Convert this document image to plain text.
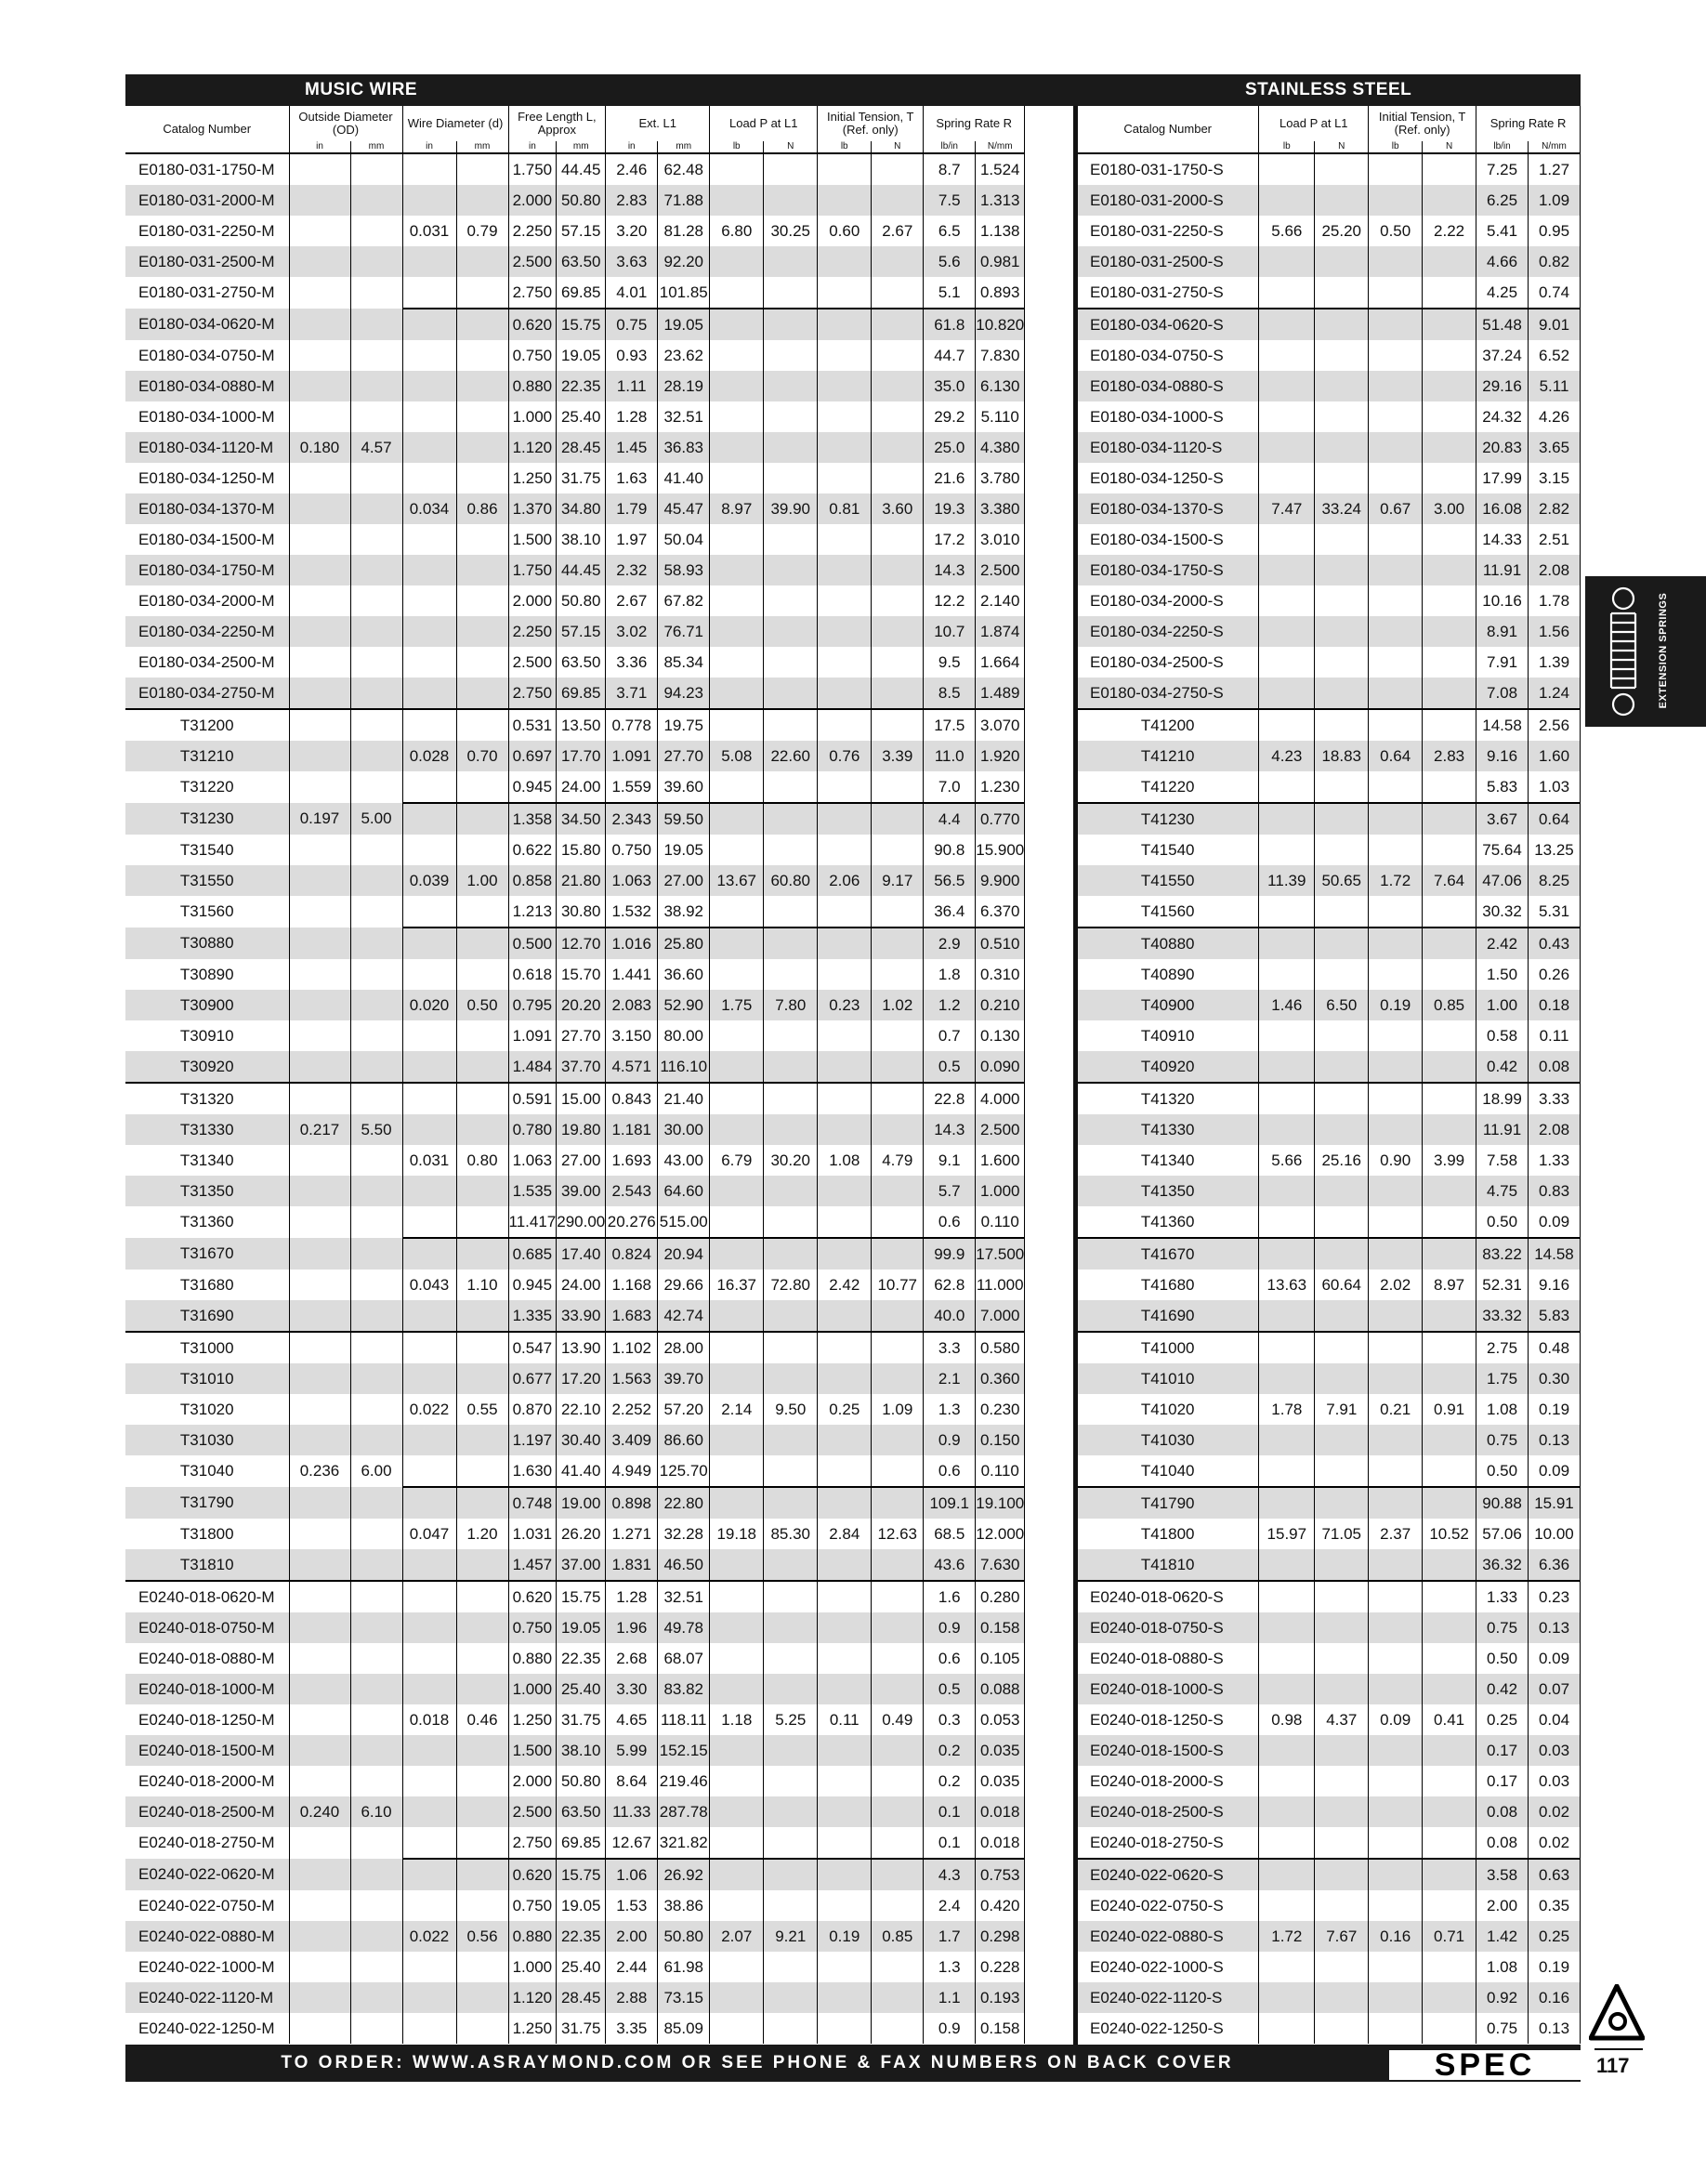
MUSIC WIRE	STAINLESS STEEL
Catalog Number	Outside Diameter (OD)		Wire Diameter (d)		Free Length L, Approx		Ext. L1		Load P at L1		Initial Tension, T (Ref. only)		Spring Rate R	
	in	mm	in	mm	in	mm	in	mm	lb	N	lb	N	lb/in	N/mm
E0180-031-1750-M					1.750	44.45	2.46	62.48					8.7	1.524
E0180-031-2000-M					2.000	50.80	2.83	71.88					7.5	1.313
E0180-031-2250-M			0.031	0.79	2.250	57.15	3.20	81.28	6.80	30.25	0.60	2.67	6.5	1.138
E0180-031-2500-M					2.500	63.50	3.63	92.20					5.6	0.981
E0180-031-2750-M					2.750	69.85	4.01	101.85					5.1	0.893
E0180-034-0620-M					0.620	15.75	0.75	19.05					61.8	10.820
E0180-034-0750-M					0.750	19.05	0.93	23.62					44.7	7.830
E0180-034-0880-M					0.880	22.35	1.11	28.19					35.0	6.130
E0180-034-1000-M					1.000	25.40	1.28	32.51					29.2	5.110
E0180-034-1120-M	0.180	4.57			1.120	28.45	1.45	36.83					25.0	4.380
E0180-034-1250-M					1.250	31.75	1.63	41.40					21.6	3.780
E0180-034-1370-M			0.034	0.86	1.370	34.80	1.79	45.47	8.97	39.90	0.81	3.60	19.3	3.380
E0180-034-1500-M					1.500	38.10	1.97	50.04					17.2	3.010
E0180-034-1750-M					1.750	44.45	2.32	58.93					14.3	2.500
E0180-034-2000-M					2.000	50.80	2.67	67.82					12.2	2.140
E0180-034-2250-M					2.250	57.15	3.02	76.71					10.7	1.874
E0180-034-2500-M					2.500	63.50	3.36	85.34					9.5	1.664
E0180-034-2750-M					2.750	69.85	3.71	94.23					8.5	1.489
T31200					0.531	13.50	0.778	19.75					17.5	3.070
T31210			0.028	0.70	0.697	17.70	1.091	27.70	5.08	22.60	0.76	3.39	11.0	1.920
T31220					0.945	24.00	1.559	39.60					7.0	1.230
T31230	0.197	5.00			1.358	34.50	2.343	59.50					4.4	0.770
T31540					0.622	15.80	0.750	19.05					90.8	15.900
T31550			0.039	1.00	0.858	21.80	1.063	27.00	13.67	60.80	2.06	9.17	56.5	9.900
T31560					1.213	30.80	1.532	38.92					36.4	6.370
T30880					0.500	12.70	1.016	25.80					2.9	0.510
T30890					0.618	15.70	1.441	36.60					1.8	0.310
T30900			0.020	0.50	0.795	20.20	2.083	52.90	1.75	7.80	0.23	1.02	1.2	0.210
T30910					1.091	27.70	3.150	80.00					0.7	0.130
T30920					1.484	37.70	4.571	116.10					0.5	0.090
T31320					0.591	15.00	0.843	21.40					22.8	4.000
T31330	0.217	5.50			0.780	19.80	1.181	30.00					14.3	2.500
T31340			0.031	0.80	1.063	27.00	1.693	43.00	6.79	30.20	1.08	4.79	9.1	1.600
T31350					1.535	39.00	2.543	64.60					5.7	1.000
T31360					11.417	290.00	20.276	515.00					0.6	0.110
T31670					0.685	17.40	0.824	20.94					99.9	17.500
T31680			0.043	1.10	0.945	24.00	1.168	29.66	16.37	72.80	2.42	10.77	62.8	11.000
T31690					1.335	33.90	1.683	42.74					40.0	7.000
T31000					0.547	13.90	1.102	28.00					3.3	0.580
T31010					0.677	17.20	1.563	39.70					2.1	0.360
T31020			0.022	0.55	0.870	22.10	2.252	57.20	2.14	9.50	0.25	1.09	1.3	0.230
T31030					1.197	30.40	3.409	86.60					0.9	0.150
T31040	0.236	6.00			1.630	41.40	4.949	125.70					0.6	0.110
T31790					0.748	19.00	0.898	22.80					109.1	19.100
T31800			0.047	1.20	1.031	26.20	1.271	32.28	19.18	85.30	2.84	12.63	68.5	12.000
T31810					1.457	37.00	1.831	46.50					43.6	7.630
E0240-018-0620-M					0.620	15.75	1.28	32.51					1.6	0.280
E0240-018-0750-M					0.750	19.05	1.96	49.78					0.9	0.158
E0240-018-0880-M					0.880	22.35	2.68	68.07					0.6	0.105
E0240-018-1000-M					1.000	25.40	3.30	83.82					0.5	0.088
E0240-018-1250-M			0.018	0.46	1.250	31.75	4.65	118.11	1.18	5.25	0.11	0.49	0.3	0.053
E0240-018-1500-M					1.500	38.10	5.99	152.15					0.2	0.035
E0240-018-2000-M					2.000	50.80	8.64	219.46					0.2	0.035
E0240-018-2500-M	0.240	6.10			2.500	63.50	11.33	287.78					0.1	0.018
E0240-018-2750-M					2.750	69.85	12.67	321.82					0.1	0.018
E0240-022-0620-M					0.620	15.75	1.06	26.92					4.3	0.753
E0240-022-0750-M					0.750	19.05	1.53	38.86					2.4	0.420
E0240-022-0880-M			0.022	0.56	0.880	22.35	2.00	50.80	2.07	9.21	0.19	0.85	1.7	0.298
E0240-022-1000-M					1.000	25.40	2.44	61.98					1.3	0.228
E0240-022-1120-M					1.120	28.45	2.88	73.15					1.1	0.193
E0240-022-1250-M					1.250	31.75	3.35	85.09					0.9	0.158
Catalog Number	Load P at L1		Initial Tension, T (Ref. only)		Spring Rate R	
	lb	N	lb	N	lb/in	N/mm
E0180-031-1750-S					7.25	1.27
E0180-031-2000-S					6.25	1.09
E0180-031-2250-S	5.66	25.20	0.50	2.22	5.41	0.95
E0180-031-2500-S					4.66	0.82
E0180-031-2750-S					4.25	0.74
E0180-034-0620-S					51.48	9.01
E0180-034-0750-S					37.24	6.52
E0180-034-0880-S					29.16	5.11
E0180-034-1000-S					24.32	4.26
E0180-034-1120-S					20.83	3.65
E0180-034-1250-S					17.99	3.15
E0180-034-1370-S	7.47	33.24	0.67	3.00	16.08	2.82
E0180-034-1500-S					14.33	2.51
E0180-034-1750-S					11.91	2.08
E0180-034-2000-S					10.16	1.78
E0180-034-2250-S					8.91	1.56
E0180-034-2500-S					7.91	1.39
E0180-034-2750-S					7.08	1.24
T41200					14.58	2.56
T41210	4.23	18.83	0.64	2.83	9.16	1.60
T41220					5.83	1.03
T41230					3.67	0.64
T41540					75.64	13.25
T41550	11.39	50.65	1.72	7.64	47.06	8.25
T41560					30.32	5.31
T40880					2.42	0.43
T40890					1.50	0.26
T40900	1.46	6.50	0.19	0.85	1.00	0.18
T40910					0.58	0.11
T40920					0.42	0.08
T41320					18.99	3.33
T41330					11.91	2.08
T41340	5.66	25.16	0.90	3.99	7.58	1.33
T41350					4.75	0.83
T41360					0.50	0.09
T41670					83.22	14.58
T41680	13.63	60.64	2.02	8.97	52.31	9.16
T41690					33.32	5.83
T41000					2.75	0.48
T41010					1.75	0.30
T41020	1.78	7.91	0.21	0.91	1.08	0.19
T41030					0.75	0.13
T41040					0.50	0.09
T41790					90.88	15.91
T41800	15.97	71.05	2.37	10.52	57.06	10.00
T41810					36.32	6.36
E0240-018-0620-S					1.33	0.23
E0240-018-0750-S					0.75	0.13
E0240-018-0880-S					0.50	0.09
E0240-018-1000-S					0.42	0.07
E0240-018-1250-S	0.98	4.37	0.09	0.41	0.25	0.04
E0240-018-1500-S					0.17	0.03
E0240-018-2000-S					0.17	0.03
E0240-018-2500-S					0.08	0.02
E0240-018-2750-S					0.08	0.02
E0240-022-0620-S					3.58	0.63
E0240-022-0750-S					2.00	0.35
E0240-022-0880-S	1.72	7.67	0.16	0.71	1.42	0.25
E0240-022-1000-S					1.08	0.19
E0240-022-1120-S					0.92	0.16
E0240-022-1250-S					0.75	0.13
TO ORDER: WWW.ASRAYMOND.COM OR SEE PHONE & FAX NUMBERS ON BACK COVER	SPEC
EXTENSION SPRINGS
117
